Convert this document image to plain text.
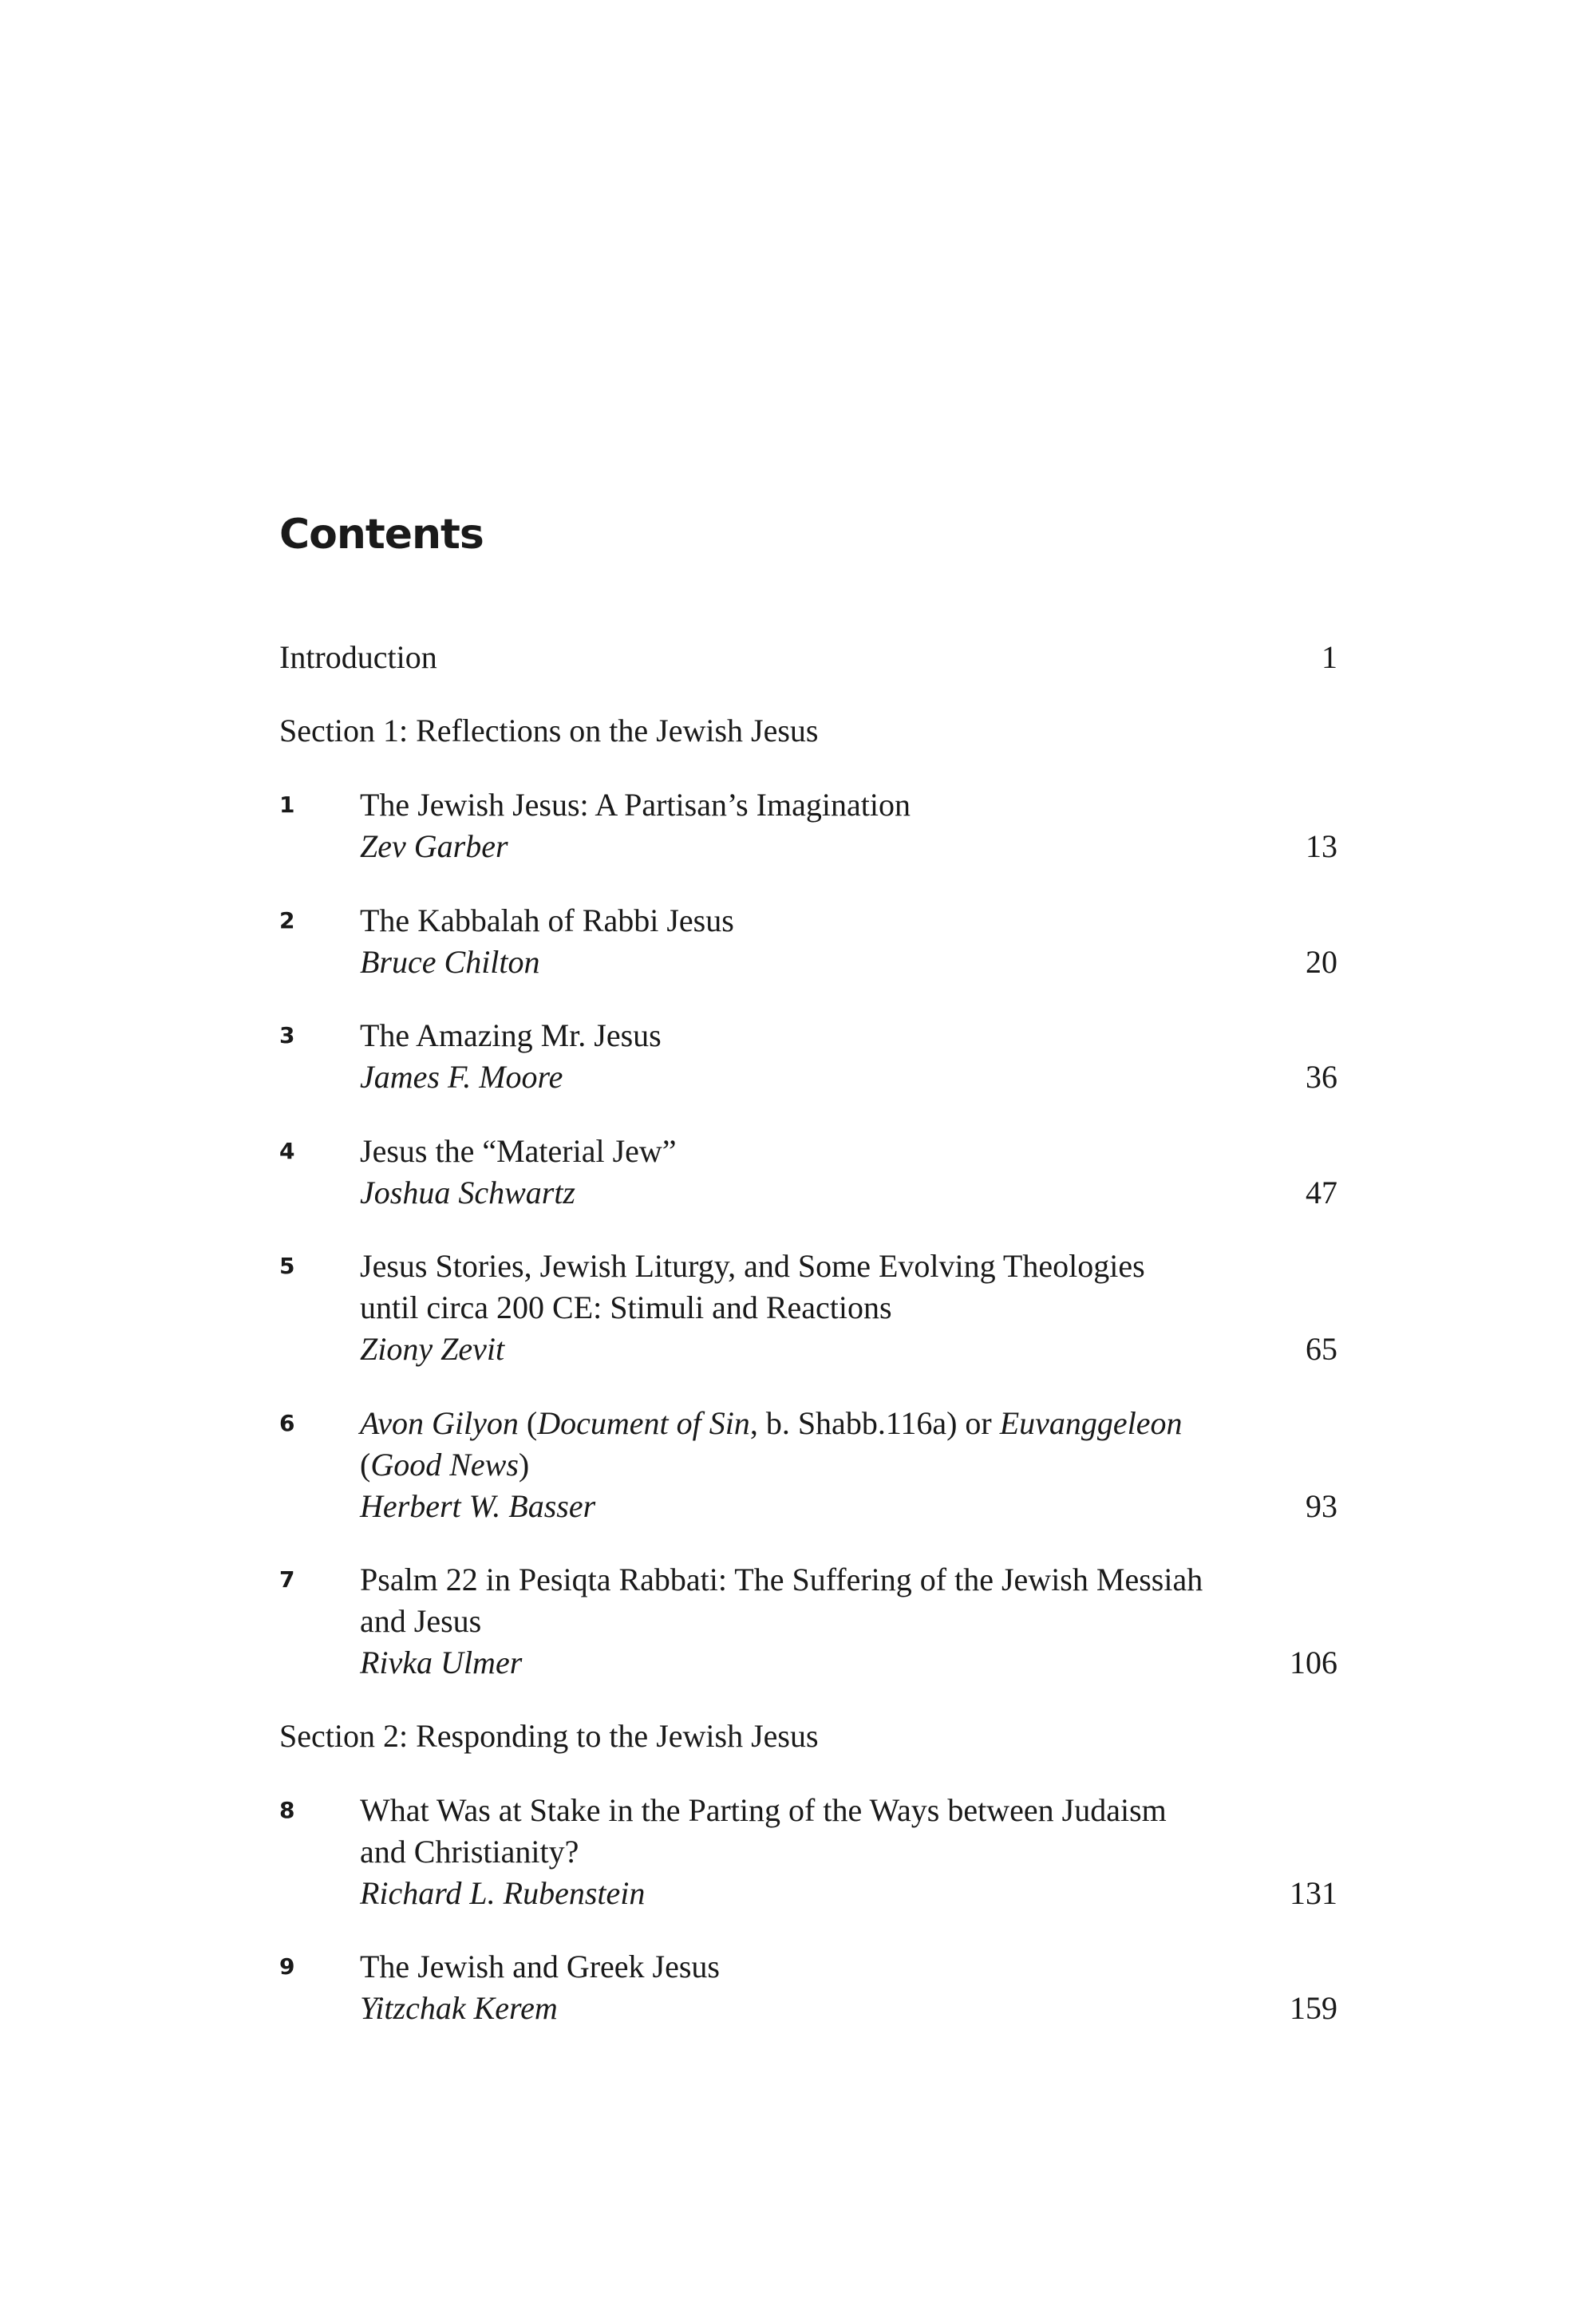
Contents
Introduction	1
Section 1: Reflections on the Jewish Jesus
1 The Jewish Jesus: A Partisan’s Imagination
Zev Garber	13
2 The Kabbalah of Rabbi Jesus
Bruce Chilton	20
3 The Amazing Mr. Jesus
James F. Moore	36
4 Jesus the “Material Jew”
Joshua Schwartz	47
5 Jesus Stories, Jewish Liturgy, and Some Evolving Theologies
until circa 200 CE: Stimuli and Reactions
Ziony Zevit	65
6 Avon Gilyon (Document of Sin, b. Shabb.116a) or Euvanggeleon
(Good News)
Herbert W. Basser	93
7 Psalm 22 in Pesiqta Rabbati: The Suffering of the Jewish Messiah
and Jesus
Rivka Ulmer	106
Section 2: Responding to the Jewish Jesus
8 What Was at Stake in the Parting of the Ways between Judaism
and Christianity?
Richard L. Rubenstein	131
9 The Jewish and Greek Jesus
Yitzchak Kerem	159
